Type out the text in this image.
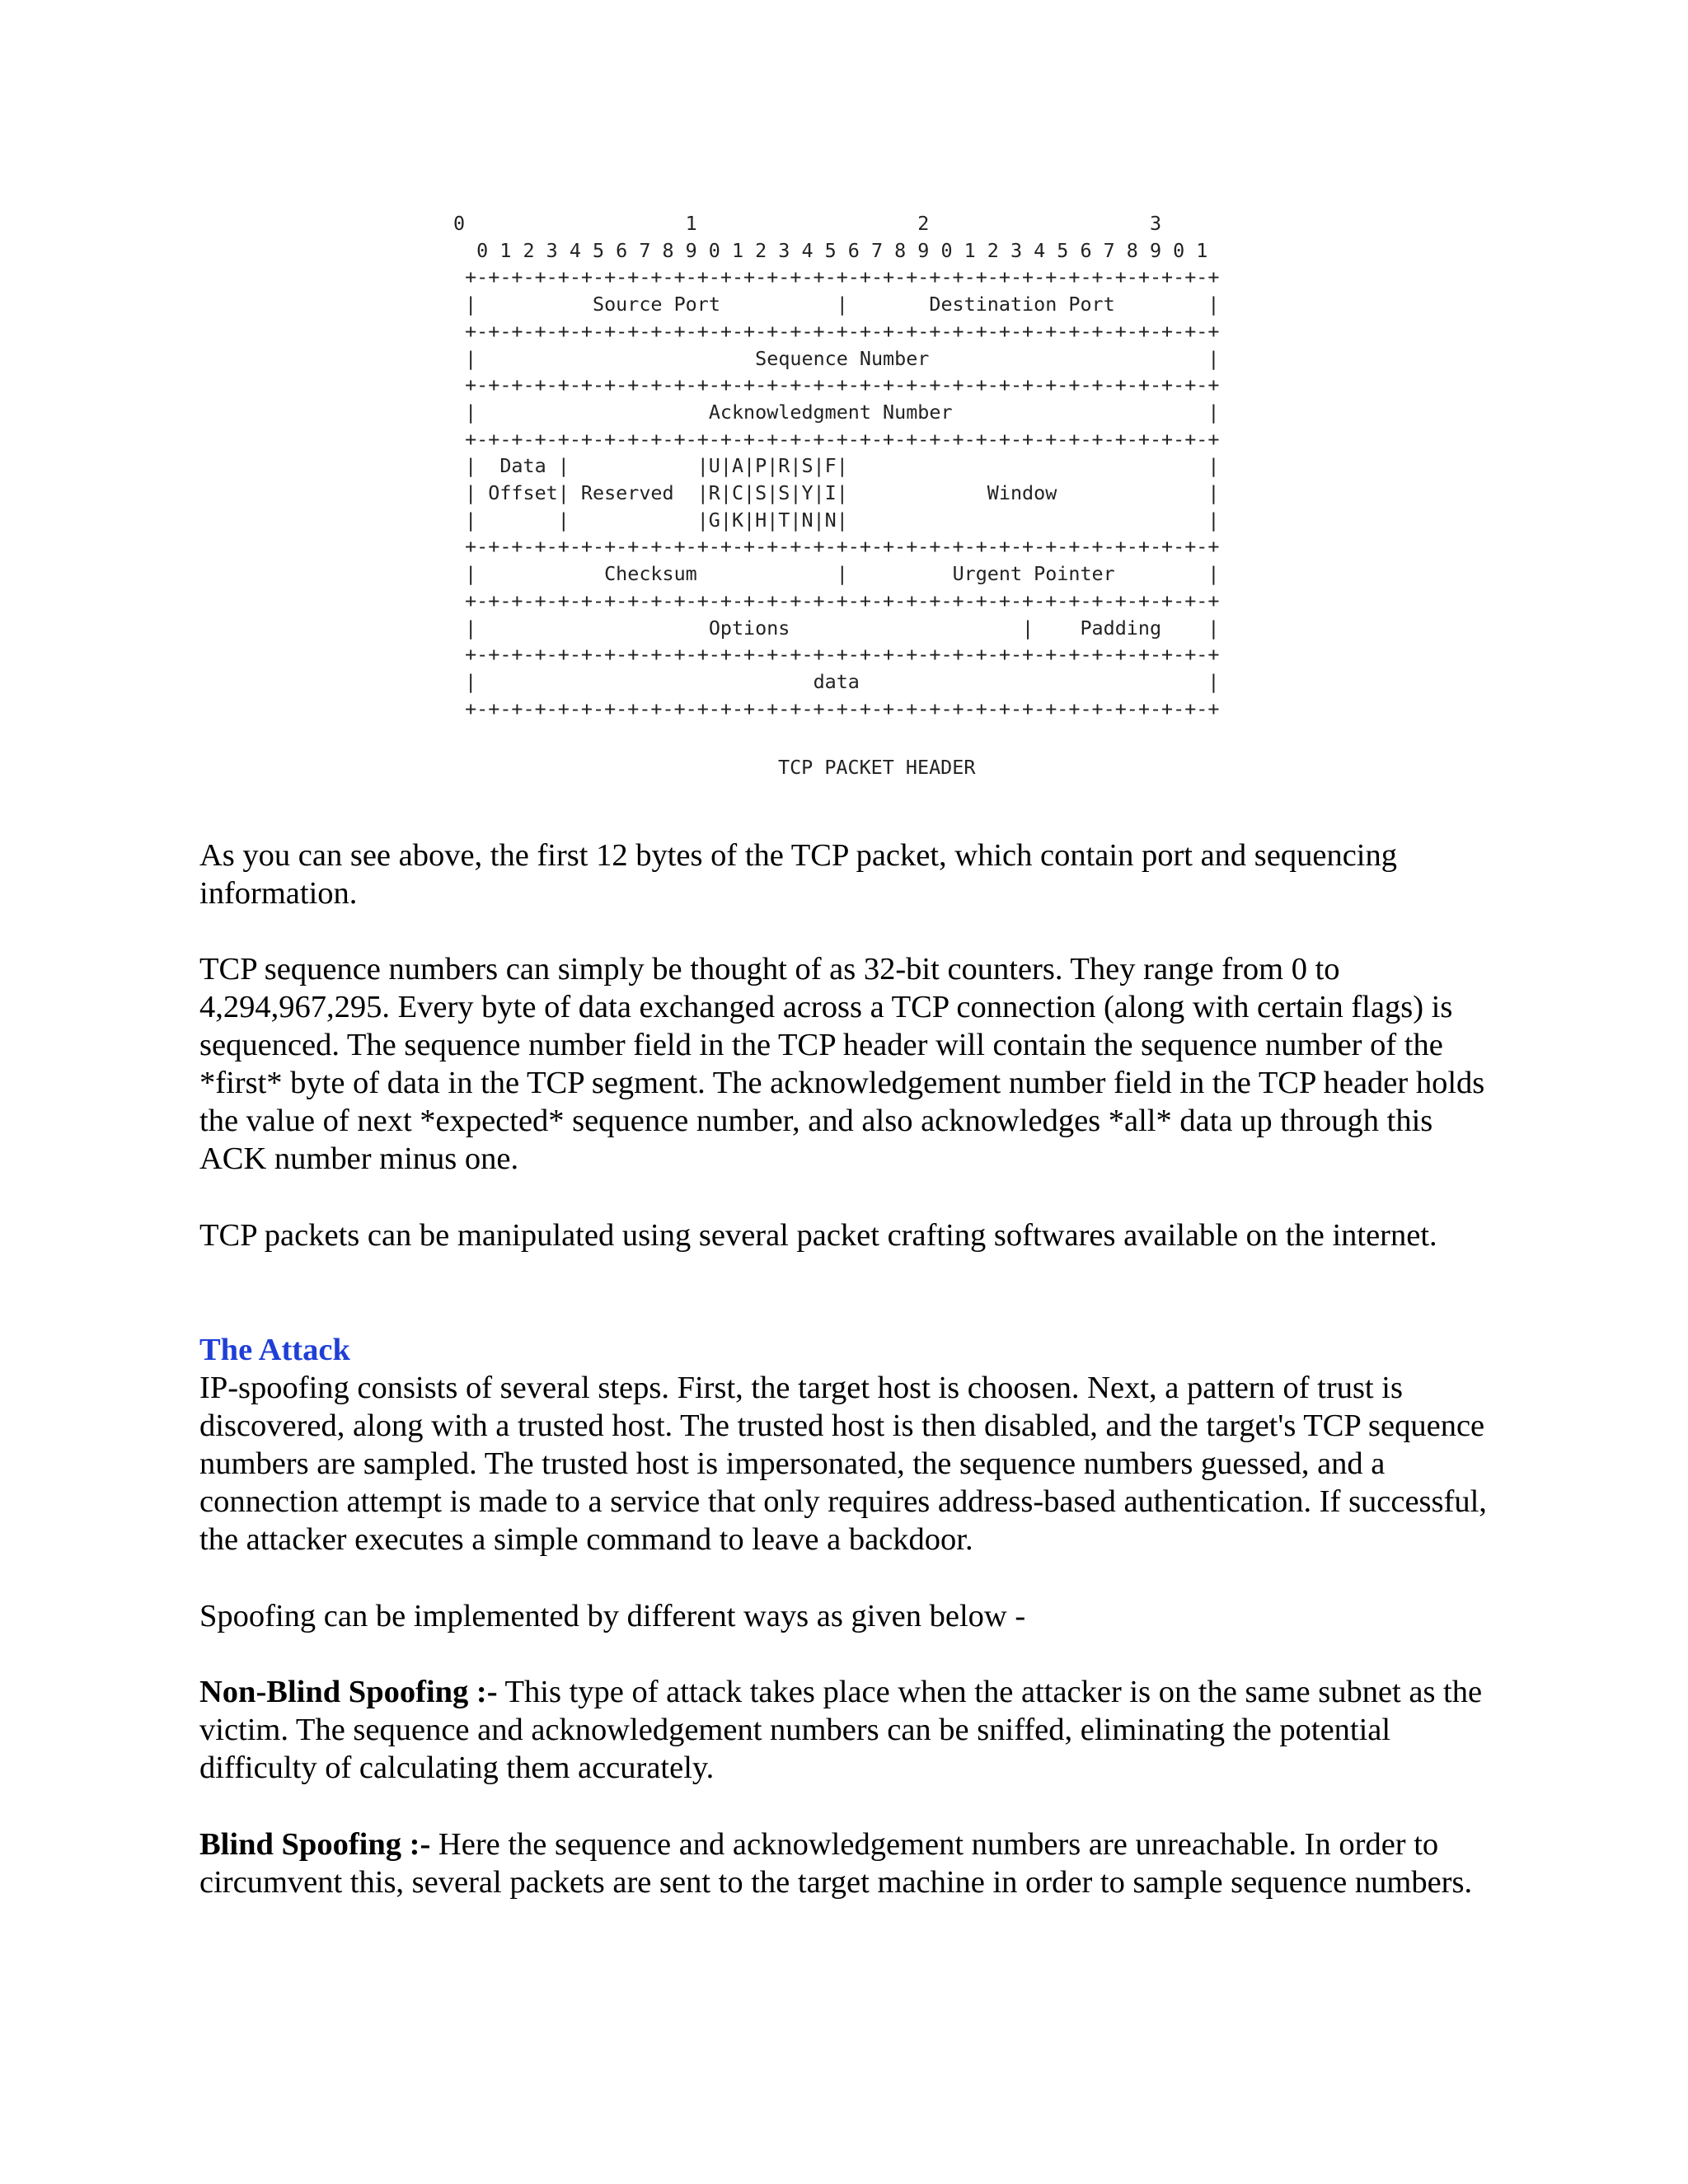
0                   1                   2                   3
0 1 2 3 4 5 6 7 8 9 0 1 2 3 4 5 6 7 8 9 0 1 2 3 4 5 6 7 8 9 0 1
+-+-+-+-+-+-+-+-+-+-+-+-+-+-+-+-+-+-+-+-+-+-+-+-+-+-+-+-+-+-+-+-+
|	Source Port          |       Destination Port	|
+-+-+-+-+-+-+-+-+-+-+-+-+-+-+-+-+-+-+-+-+-+-+-+-+-+-+-+-+-+-+-+-+
|	Sequence Number	|
+-+-+-+-+-+-+-+-+-+-+-+-+-+-+-+-+-+-+-+-+-+-+-+-+-+-+-+-+-+-+-+-+
|	Acknowledgment Number	|
+-+-+-+-+-+-+-+-+-+-+-+-+-+-+-+-+-+-+-+-+-+-+-+-+-+-+-+-+-+-+-+-+
|  Data |           |U|A|P|R|S|F|                               |
| Offset| Reserved  |R|C|S|S|Y|I|            Window             |
|       |           |G|K|H|T|N|N|                               |
+-+-+-+-+-+-+-+-+-+-+-+-+-+-+-+-+-+-+-+-+-+-+-+-+-+-+-+-+-+-+-+-+
|	Checksum            |         Urgent Pointer	|
+-+-+-+-+-+-+-+-+-+-+-+-+-+-+-+-+-+-+-+-+-+-+-+-+-+-+-+-+-+-+-+-+
|	Options                    |    Padding    |
+-+-+-+-+-+-+-+-+-+-+-+-+-+-+-+-+-+-+-+-+-+-+-+-+-+-+-+-+-+-+-+-+
|	data	|
+-+-+-+-+-+-+-+-+-+-+-+-+-+-+-+-+-+-+-+-+-+-+-+-+-+-+-+-+-+-+-+-+
TCP PACKET HEADER

As you can see above, the first 12 bytes of the TCP packet, which contain port and sequencing information.

TCP sequence numbers can simply be thought of as 32-bit counters. They range from 0 to 4,294,967,295. Every byte of data exchanged across a TCP connection (along with certain flags) is sequenced. The sequence number field in the TCP header will contain the sequence number of the *first* byte of data in the TCP segment. The acknowledgement number field in the TCP header holds the value of next *expected* sequence number, and also acknowledges *all* data up through this ACK number minus one.

TCP packets can be manipulated using several packet crafting softwares available on the internet.

The Attack

IP-spoofing consists of several steps. First, the target host is choosen. Next, a pattern of trust is discovered, along with a trusted host. The trusted host is then disabled, and the target's TCP sequence numbers are sampled. The trusted host is impersonated, the sequence numbers guessed, and a connection attempt is made to a service that only requires address-based authentication. If successful, the attacker executes a simple command to leave a backdoor.

Spoofing can be implemented by different ways as given below -

Non-Blind Spoofing :- This type of attack takes place when the attacker is on the same subnet as the victim. The sequence and acknowledgement numbers can be sniffed, eliminating the potential difficulty of calculating them accurately.

Blind Spoofing :- Here the sequence and acknowledgement numbers are unreachable. In order to circumvent this, several packets are sent to the target machine in order to sample sequence numbers.
